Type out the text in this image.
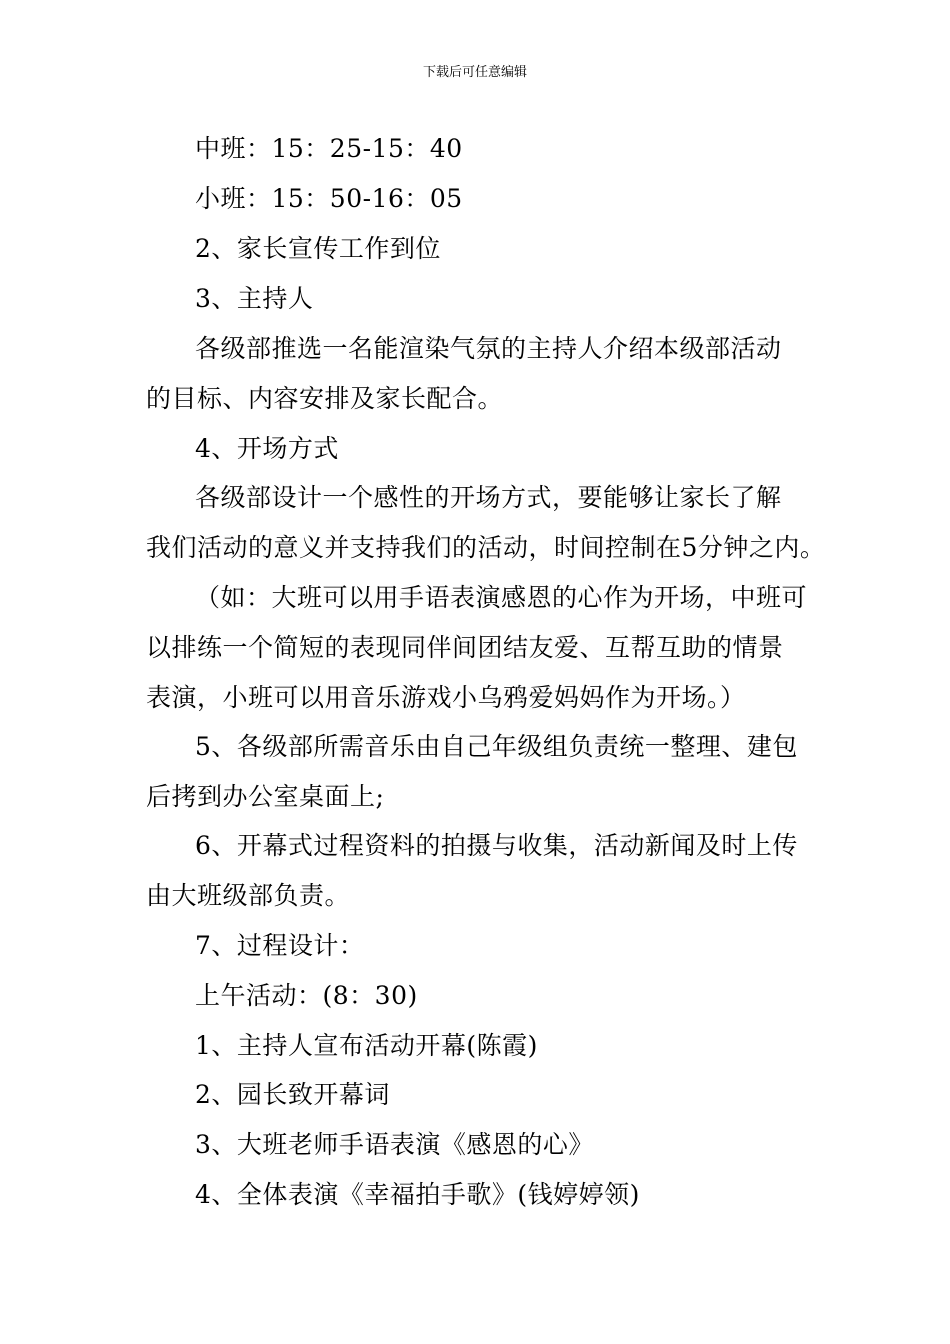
下载后可任意编辑
中班：15：25-15：40
小班：15：50-16：05
2、家长宣传工作到位
3、主持人
各级部推选一名能渲染气氛的主持人介绍本级部活动
的目标、内容安排及家长配合。
4、开场方式
各级部设计一个感性的开场方式，要能够让家长了解
我们活动的意义并支持我们的活动，时间控制在5分钟之内。
（如：大班可以用手语表演感恩的心作为开场，中班可
以排练一个简短的表现同伴间团结友爱、互帮互助的情景
表演，小班可以用音乐游戏小乌鸦爱妈妈作为开场。）
5、各级部所需音乐由自己年级组负责统一整理、建包
后拷到办公室桌面上;
6、开幕式过程资料的拍摄与收集，活动新闻及时上传
由大班级部负责。
7、过程设计：
上午活动：(8：30)
1、主持人宣布活动开幕(陈霞)
2、园长致开幕词
3、大班老师手语表演《感恩的心》
4、全体表演《幸福拍手歌》(钱婷婷领)
